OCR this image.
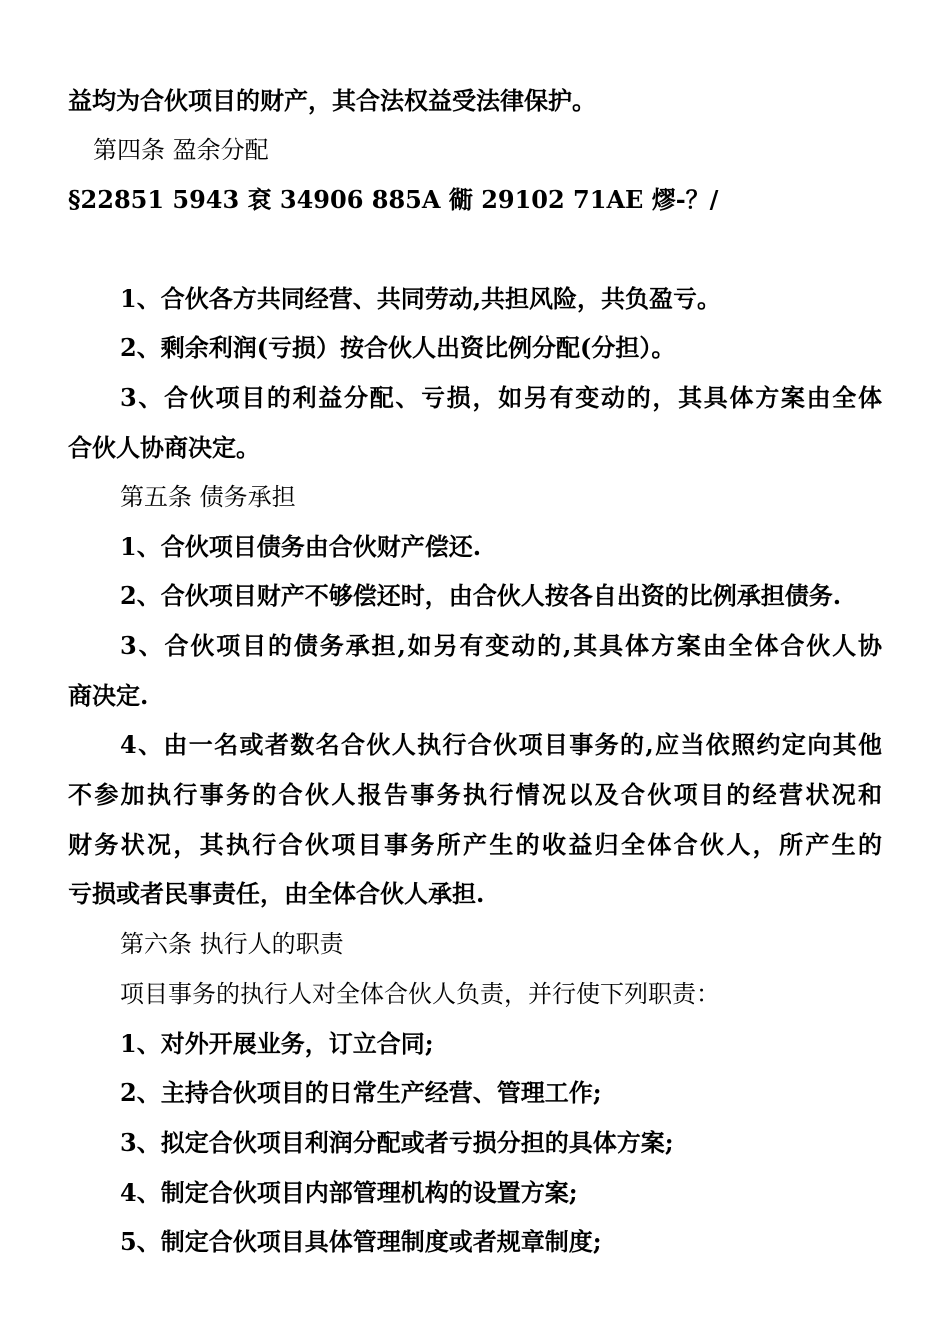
益均为合伙项目的财产，其合法权益受法律保护。
第四条 盈余分配
§22851 5943 袞 34906 885A 衚 29102 71AE 熮-？/
1、合伙各方共同经营、共同劳动,共担风险，共负盈亏。
2、剩余利润(亏损）按合伙人出资比例分配(分担）。
3、合伙项目的利益分配、亏损，如另有变动的，其具体方案由全体
合伙人协商决定。
第五条 债务承担
1、合伙项目债务由合伙财产偿还.
2、合伙项目财产不够偿还时，由合伙人按各自出资的比例承担债务.
3、合伙项目的债务承担,如另有变动的,其具体方案由全体合伙人协
商决定.
4、由一名或者数名合伙人执行合伙项目事务的,应当依照约定向其他
不参加执行事务的合伙人报告事务执行情况以及合伙项目的经营状况和
财务状况，其执行合伙项目事务所产生的收益归全体合伙人，所产生的
亏损或者民事责任，由全体合伙人承担.
第六条 执行人的职责
项目事务的执行人对全体合伙人负责，并行使下列职责：
1、对外开展业务，订立合同;
2、主持合伙项目的日常生产经营、管理工作;
3、拟定合伙项目利润分配或者亏损分担的具体方案;
4、制定合伙项目内部管理机构的设置方案;
5、制定合伙项目具体管理制度或者规章制度;
